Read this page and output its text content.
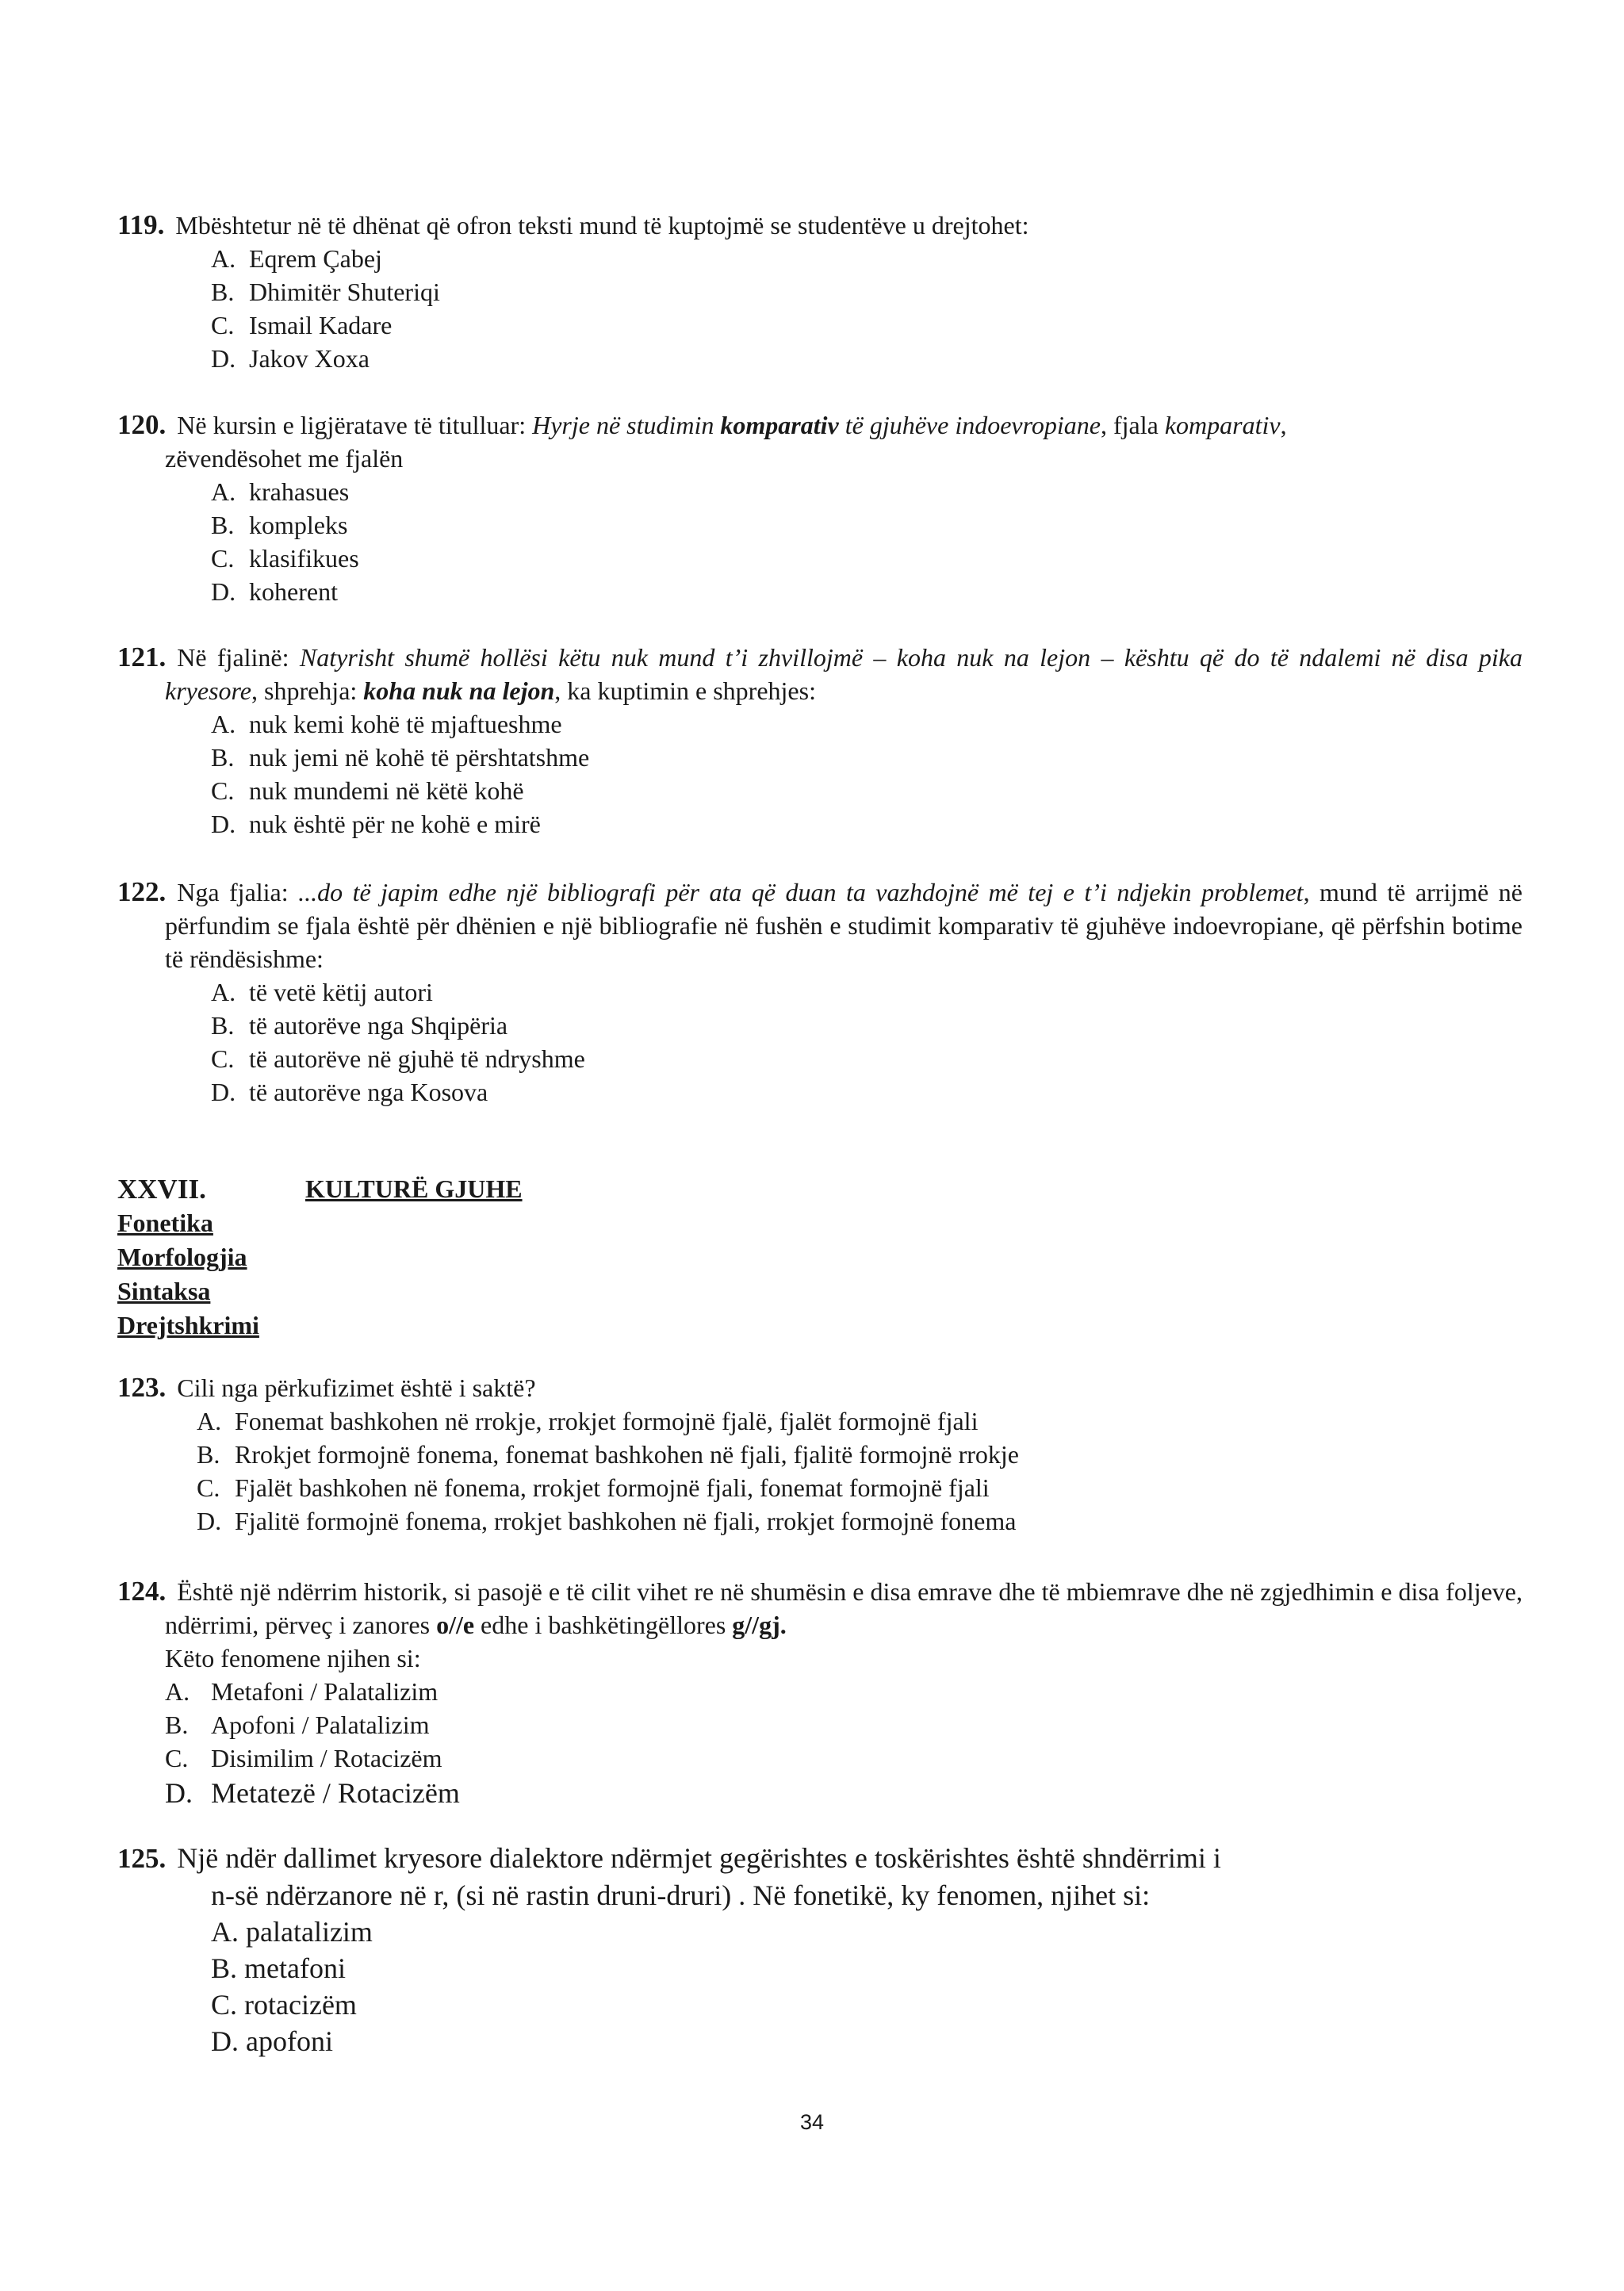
119. Mbështetur në të dhënat që ofron teksti mund të kuptojmë se studentëve u drejtohet:
A. Eqrem Çabej
B. Dhimitër Shuteriqi
C. Ismail Kadare
D. Jakov Xoxa
120. Në kursin e ligjëratave të titulluar: Hyrje në studimin komparativ të gjuhëve indoevropiane, fjala komparativ,
zëvendësohet me fjalën
A. krahasues
B. kompleks
C. klasifikues
D. koherent
121. Në fjalinë: Natyrisht shumë hollësi këtu nuk mund t’i zhvillojmë – koha nuk na lejon – kështu që do të ndalemi në disa pika kryesore, shprehja: koha nuk na lejon, ka kuptimin e shprehjes:
A. nuk kemi kohë të mjaftueshme
B. nuk jemi në kohë të përshtatshme
C. nuk mundemi në këtë kohë
D. nuk është për ne kohë e mirë
122. Nga fjalia: ...do të japim edhe një bibliografi për ata që duan ta vazhdojnë më tej e t’i ndjekin problemet, mund të arrijmë në përfundim se fjala është për dhënien e një bibliografie në fushën e studimit komparativ të gjuhëve indoevropiane, që përfshin botime të rëndësishme:
A. të vetë këtij autori
B. të autorëve nga Shqipëria
C. të autorëve në gjuhë të ndryshme
D. të autorëve nga Kosova
XXVII.	KULTURË GJUHE
Fonetika
Morfologjia
Sintaksa
Drejtshkrimi
123. Cili nga përkufizimet është i saktë?
A. Fonemat bashkohen në rrokje, rrokjet formojnë fjalë, fjalët formojnë fjali
B. Rrokjet formojnë fonema, fonemat bashkohen në fjali, fjalitë formojnë rrokje
C. Fjalët bashkohen në fonema, rrokjet formojnë fjali, fonemat formojnë fjali
D. Fjalitë formojnë fonema, rrokjet bashkohen në fjali, rrokjet formojnë fonema
124. Është një ndërrim historik, si pasojë e të cilit vihet re në shumësin e disa emrave dhe të mbiemrave dhe në zgjedhimin e disa foljeve, ndërrimi, përveç i zanores o//e edhe i bashkëtingëllores g//gj.
Këto fenomene njihen si:
A. Metafoni / Palatalizim
B. Apofoni / Palatalizim
C. Disimilim / Rotacizëm
D. Metatezë / Rotacizëm
125. Një ndër dallimet kryesore dialektore ndërmjet gegërishtes e toskërishtes është shndërrimi i
n-së ndërzanore në r, (si në rastin druni-druri) . Në fonetikë, ky fenomen, njihet si:
A. palatalizim
B. metafoni
C. rotacizëm
D. apofoni
34
